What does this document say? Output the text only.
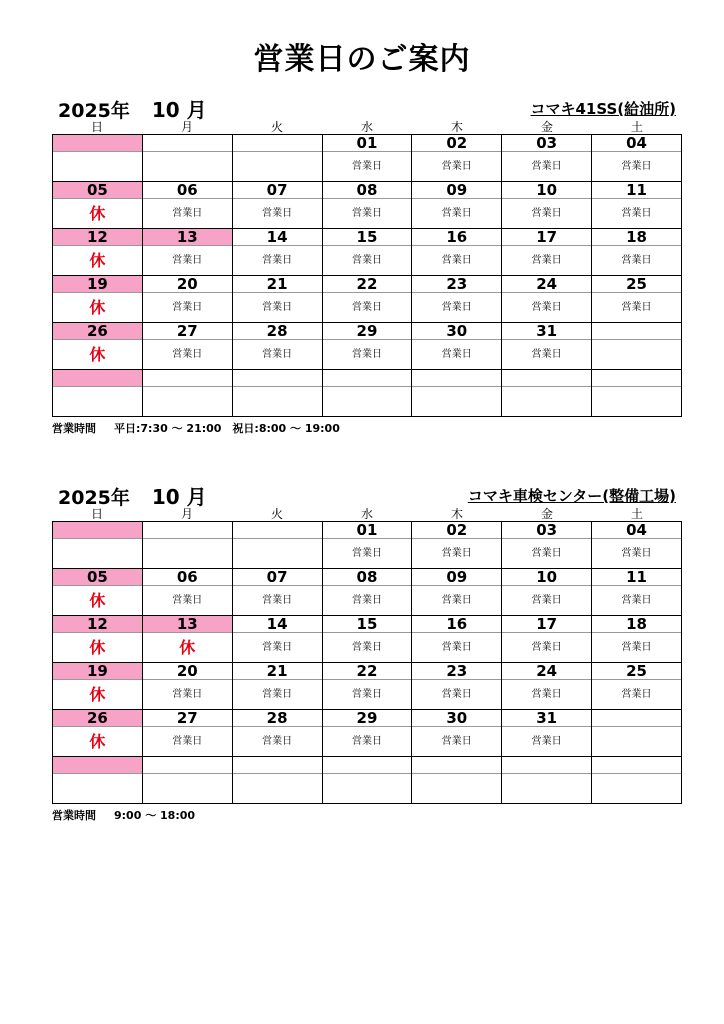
営業日のご案内
2025年 10 月	コマキ41SS(給油所)
日	月	火	水	木	金	土
			01	02	03	04
			営業日	営業日	営業日	営業日
05	06	07	08	09	10	11
休	営業日	営業日	営業日	営業日	営業日	営業日
12	13	14	15	16	17	18
休	営業日	営業日	営業日	営業日	営業日	営業日
19	20	21	22	23	24	25
休	営業日	営業日	営業日	営業日	営業日	営業日
26	27	28	29	30	31	
休	営業日	営業日	営業日	営業日	営業日	

営業時間 平日:7:30 〜 21:00　祝日:8:00 〜 19:00
2025年 10 月	コマキ車検センター(整備工場)
日	月	火	水	木	金	土
			01	02	03	04
			営業日	営業日	営業日	営業日
05	06	07	08	09	10	11
休	営業日	営業日	営業日	営業日	営業日	営業日
12	13	14	15	16	17	18
休	休	営業日	営業日	営業日	営業日	営業日
19	20	21	22	23	24	25
休	営業日	営業日	営業日	営業日	営業日	営業日
26	27	28	29	30	31	
休	営業日	営業日	営業日	営業日	営業日	

営業時間 9:00 〜 18:00
